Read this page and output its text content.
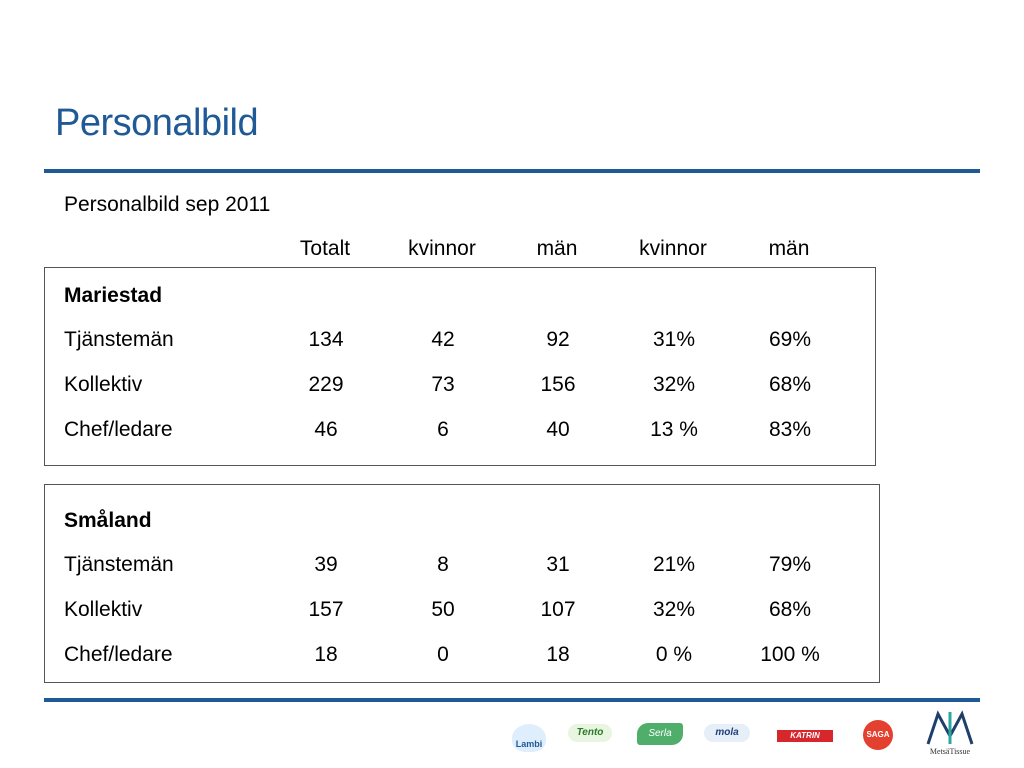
Personalbild
Personalbild sep 2011
Totalt	kvinnor	män	kvinnor	män
Mariestad
Tjänstemän	134	42	92	31%	69%
Kollektiv	229	73	156	32%	68%
Chef/ledare	46	6	40	13 %	83%
Småland
Tjänstemän	39	8	31	21%	79%
Kollektiv	157	50	107	32%	68%
Chef/ledare	18	0	18	0 %	100 %
Lambi
Tento	Serla	mola	KATRIN	SAGA
MetsäTissue
